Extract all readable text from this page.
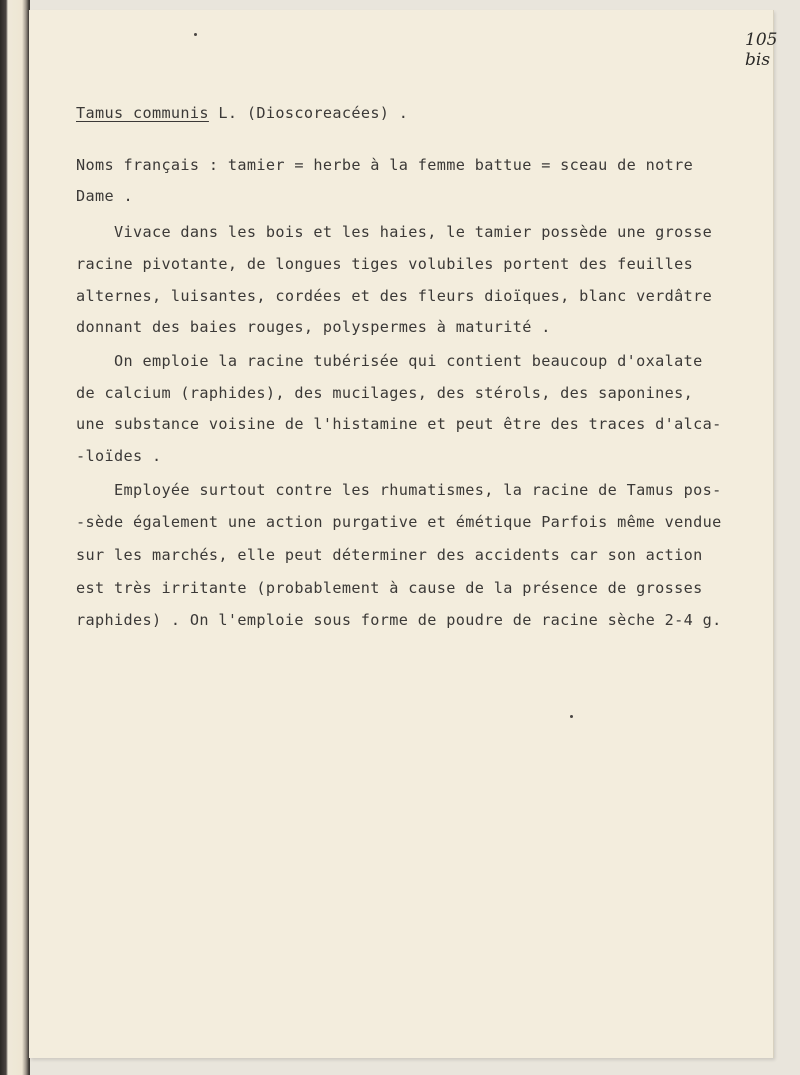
105 bis
Tamus communis L. (Dioscoreacées) .
Noms français : tamier = herbe à la femme battue = sceau de notre
Dame .
Vivace dans les bois et les haies, le tamier possède une grosse
racine pivotante, de longues tiges volubiles portent des feuilles
alternes, luisantes, cordées et des fleurs dioïques, blanc verdâtre
donnant des baies rouges, polyspermes à maturité .
On emploie la racine tubérisée qui contient beaucoup d'oxalate
de calcium (raphides), des mucilages, des stérols, des saponines,
une substance voisine de l'histamine et peut être des traces d'alca-
-loïdes .
Employée surtout contre les rhumatismes, la racine de Tamus pos-
-sède également une action purgative et émétique Parfois même vendue
sur les marchés, elle peut déterminer des accidents car son action
est très irritante (probablement à cause de la présence de grosses
raphides) . On l'emploie sous forme de poudre de racine sèche 2-4 g.
